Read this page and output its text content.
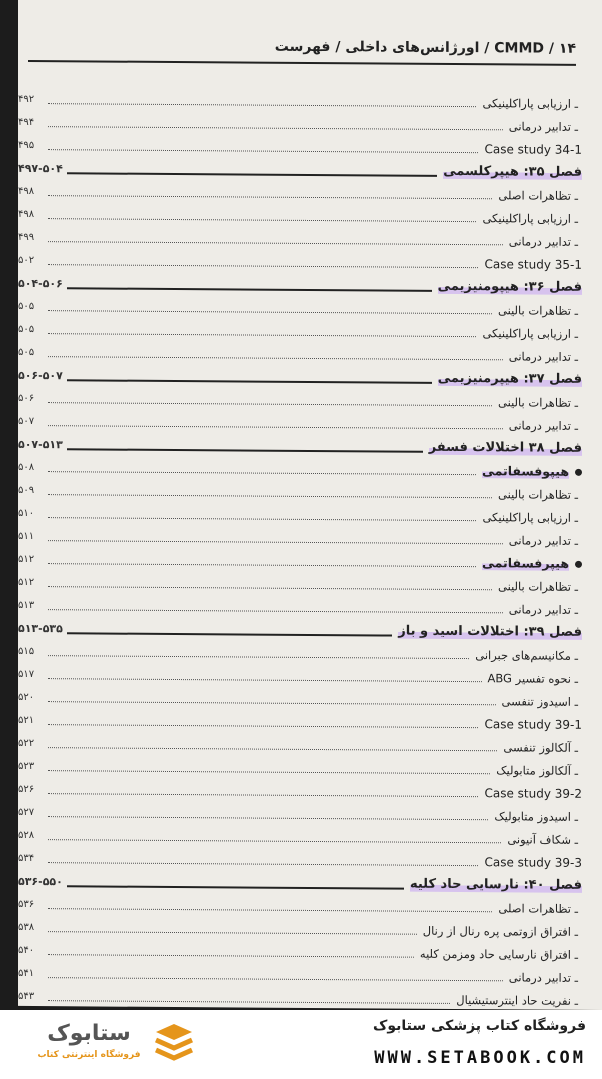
CMMD / ۱۴ / اورژانس‌های داخلی / فهرست
ـ ارزیابی پاراکلینیکی
۴۹۲
ـ تدابیر درمانی
۴۹۴
Case study 34-1
۴۹۵
فصل ۳۵: هیپرکلسمی
۴۹۷-۵۰۴
ـ تظاهرات اصلی
۴۹۸
ـ ارزیابی پاراکلینیکی
۴۹۸
ـ تدابیر درمانی
۴۹۹
Case study 35-1
۵۰۲
فصل ۳۶: هیپومنیزیمی
۵۰۴-۵۰۶
ـ تظاهرات بالینی
۵۰۵
ـ ارزیابی پاراکلینیکی
۵۰۵
ـ تدابیر درمانی
۵۰۵
فصل ۳۷: هیپرمنیزیمی
۵۰۶-۵۰۷
ـ تظاهرات بالینی
۵۰۶
ـ تدابیر درمانی
۵۰۷
فصل ۳۸ اختلالات فسفر
۵۰۷-۵۱۳
هیپوفسفاتمی
۵۰۸
ـ تظاهرات بالینی
۵۰۹
ـ ارزیابی پاراکلینیکی
۵۱۰
ـ تدابیر درمانی
۵۱۱
هیپرفسفاتمی
۵۱۲
ـ تظاهرات بالینی
۵۱۲
ـ تدابیر درمانی
۵۱۳
فصل ۳۹: اختلالات اسید و باز
۵۱۳-۵۳۵
ـ مکانیسم‌های جبرانی
۵۱۵
ـ نحوه تفسیر ABG
۵۱۷
ـ اسیدوز تنفسی
۵۲۰
Case study 39-1
۵۲۱
ـ آلکالوز تنفسی
۵۲۲
ـ آلکالوز متابولیک
۵۲۳
Case study 39-2
۵۲۶
ـ اسیدوز متابولیک
۵۲۷
ـ شکاف آنیونی
۵۲۸
Case study 39-3
۵۳۴
فصل ۴۰: نارسایی حاد کلیه
۵۳۶-۵۵۰
ـ تظاهرات اصلی
۵۳۶
ـ افتراق ازوتمی پره رنال از رنال
۵۳۸
ـ افتراق نارسایی حاد ومزمن کلیه
۵۴۰
ـ تدابیر درمانی
۵۴۱
ـ نفریت حاد اینترستیشیال
۵۴۳
فروشگاه کتاب پزشکی ستابوک
WWW.SETABOOK.COM
ستابوک
فروشگاه اینترنتی کتاب
